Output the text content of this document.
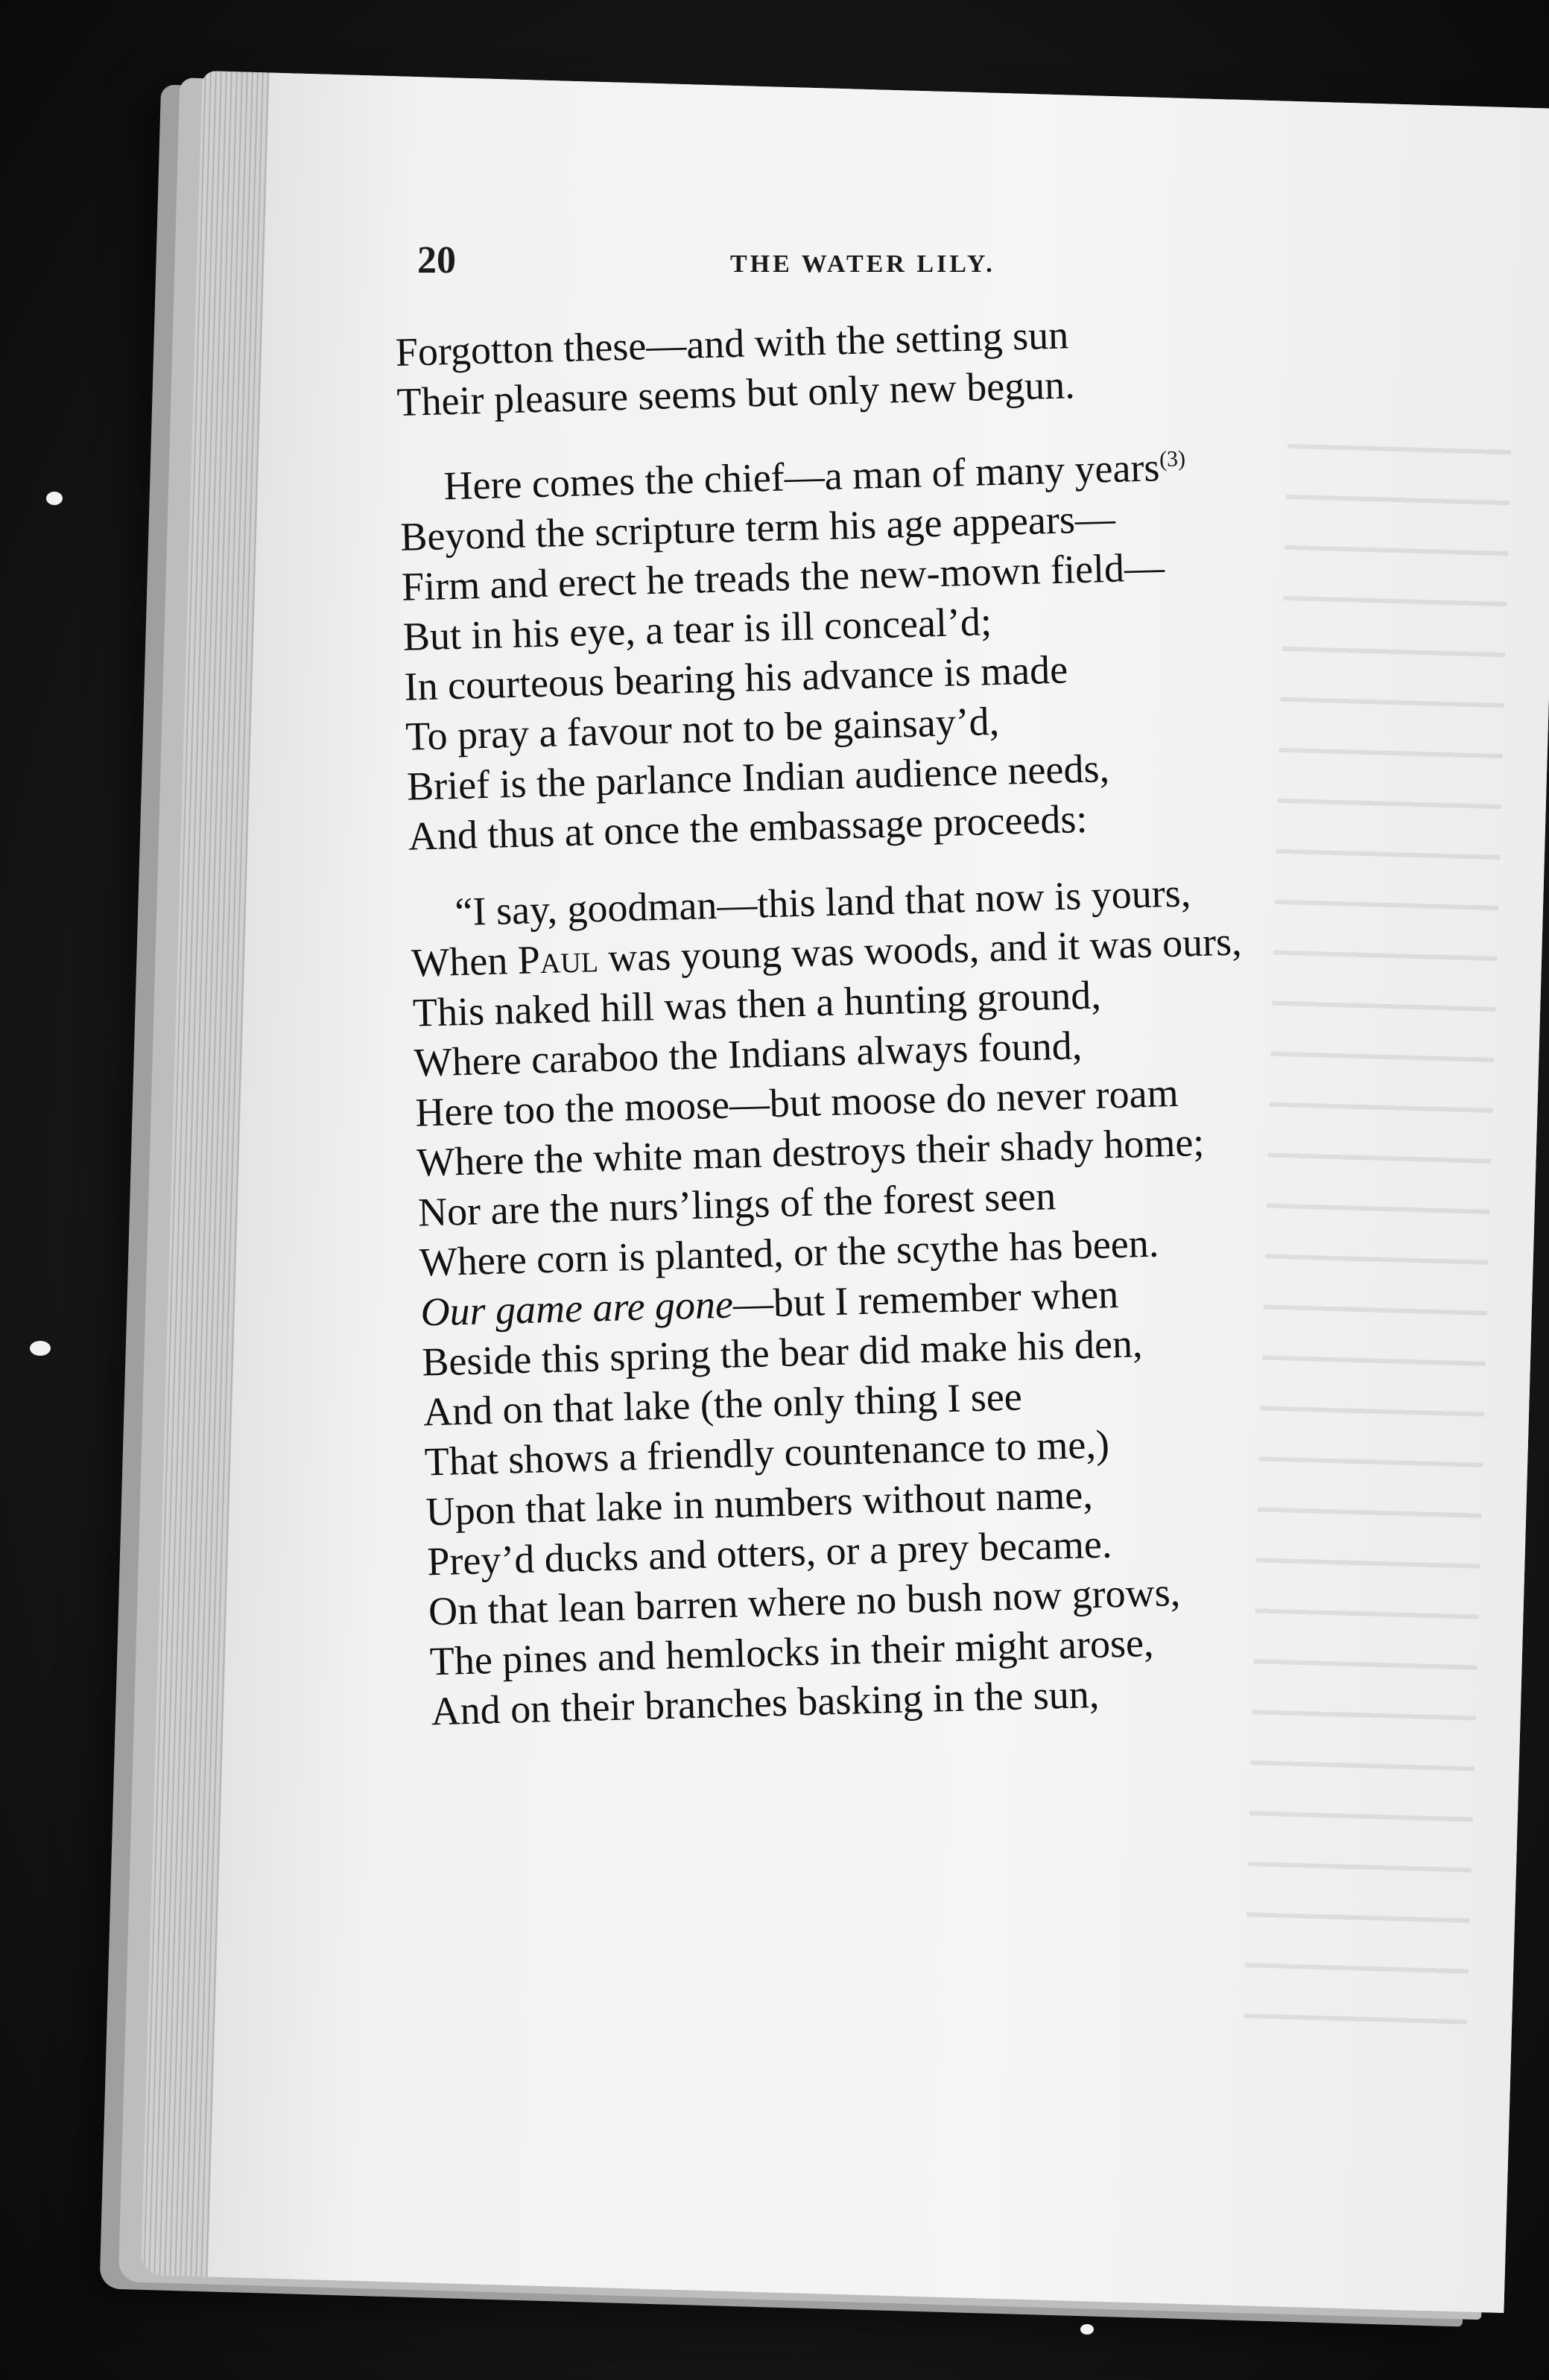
20	THE WATER LILY.
Forgotton these—and with the setting sun
Their pleasure seems but only new begun.
Here comes the chief—a man of many years$^{(3)}$
Beyond the scripture term his age appears—
Firm and erect he treads the new-mown field—
But in his eye, a tear is ill conceal’d;
In courteous bearing his advance is made
To pray a favour not to be gainsay’d,
Brief is the parlance Indian audience needs,
And thus at once the embassage proceeds:
“I say, goodman—this land that now is yours,
When Paul was young was woods, and it was ours,
This naked hill was then a hunting ground,
Where caraboo the Indians always found,
Here too the moose—but moose do never roam
Where the white man destroys their shady home;
Nor are the nurs’lings of the forest seen
Where corn is planted, or the scythe has been.
Our game are gone—but I remember when
Beside this spring the bear did make his den,
And on that lake (the only thing I see
That shows a friendly countenance to me,)
Upon that lake in numbers without name,
Prey’d ducks and otters, or a prey became.
On that lean barren where no bush now grows,
The pines and hemlocks in their might arose,
And on their branches basking in the sun,
